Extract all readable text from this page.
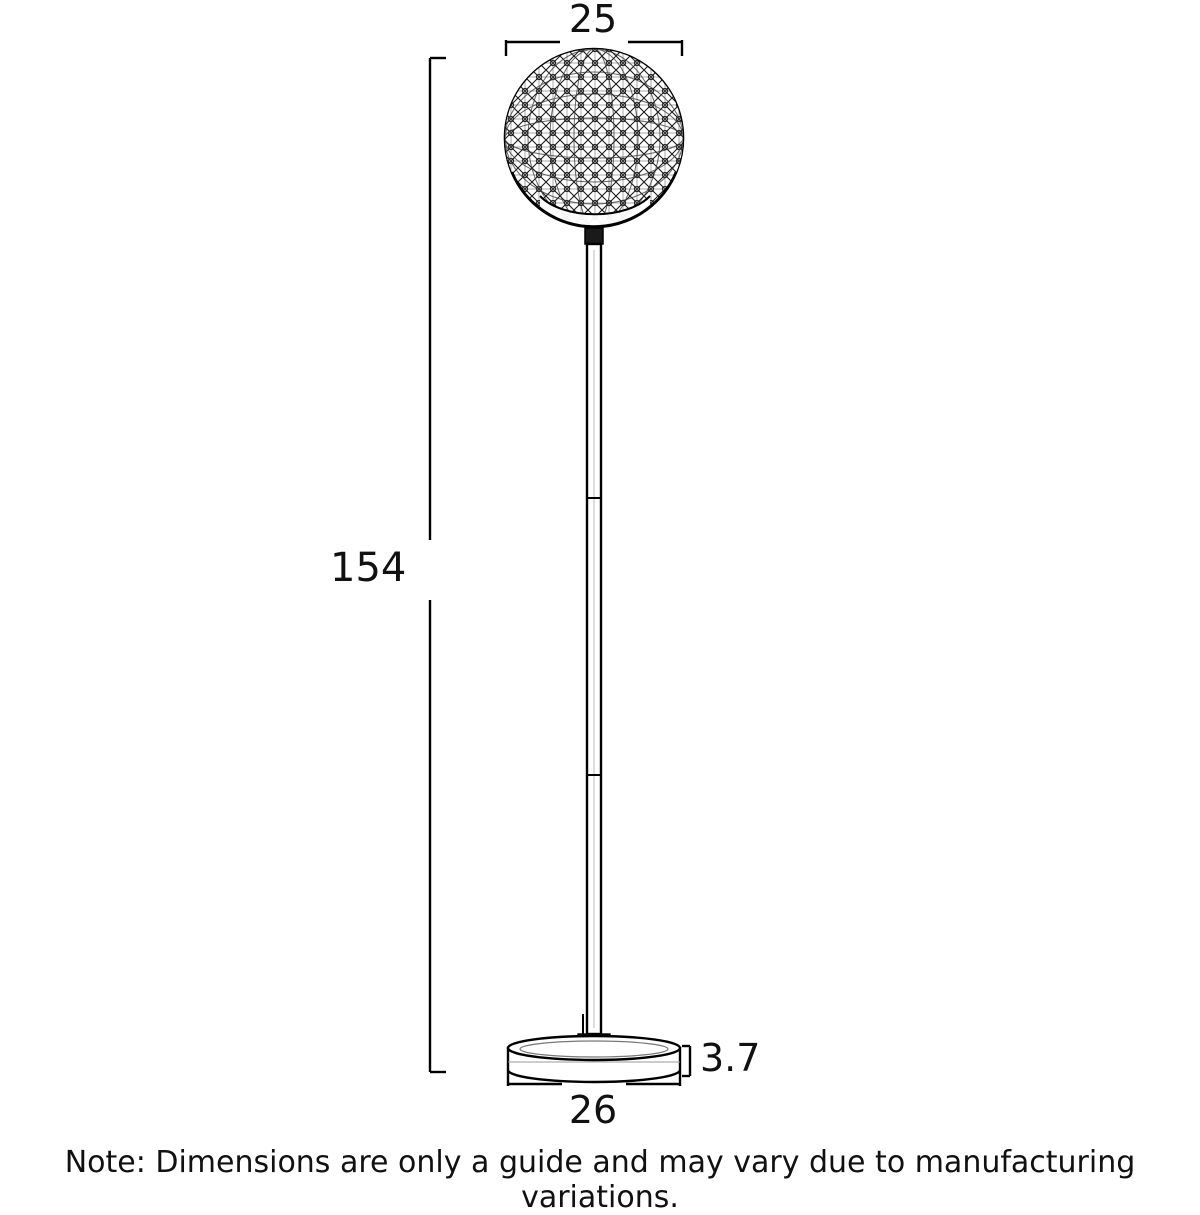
25
154
3.7
26
Note: Dimensions are only a guide and may vary due to manufacturing variations.
